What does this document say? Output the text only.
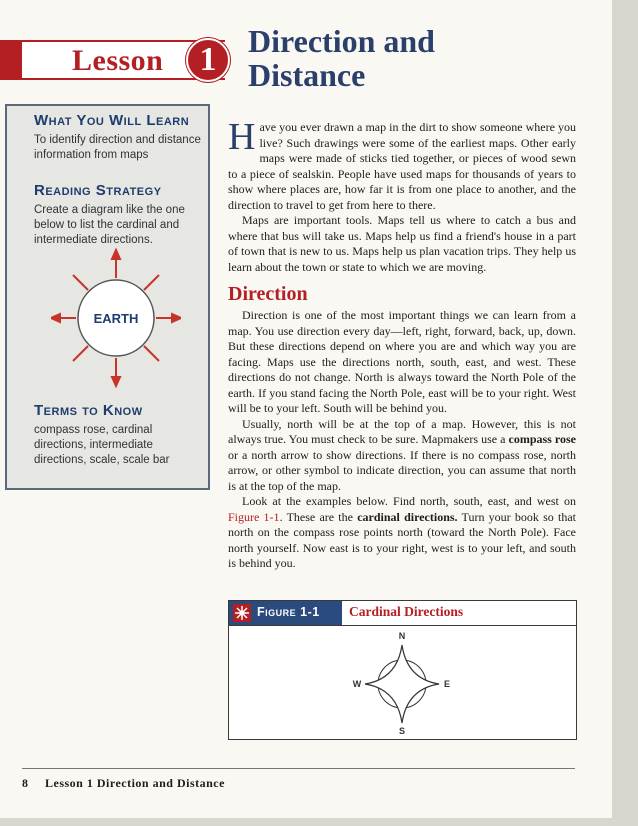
Lesson	1 Direction and
Distance
What You Will Learn

To identify direction and distance information from maps

Reading Strategy

Create a diagram like the one below to list the cardinal and intermediate directions.

EARTH
Terms to Know

compass rose, cardinal directions, intermediate directions, scale, scale bar

Have you ever drawn a map in the dirt to show someone where you live? Such drawings were some of the earliest maps. Other early maps were made of sticks tied together, or pieces of wood sewn to a piece of sealskin. People have used maps for thousands of years to show where places are, how far it is from one place to another, and the direction to travel to get from here to there.

Maps are important tools. Maps tell us where to catch a bus and where that bus will take us. Maps help us find a friend's house in a part of town that is new to us. Maps help us plan vacation trips. They help us learn about the town or state to which we are moving.

Direction

Direction is one of the most important things we can learn from a map. You use direction every day—left, right, forward, back, up, down. But these directions depend on where you are and which way you are facing. Maps use the directions north, south, east, and west. These directions do not change. North is always toward the North Pole of the earth. If you stand facing the North Pole, east will be to your right. West will be to your left. South will be behind you.

Usually, north will be at the top of a map. However, this is not always true. You must check to be sure. Mapmakers use a compass rose or a north arrow to show directions. If there is no compass rose, north arrow, or other symbol to indicate direction, you can assume that north is at the top of the map.

Look at the examples below. Find north, south, east, and west on Figure 1-1. These are the cardinal directions. Turn your book so that north on the compass rose points north (toward the North Pole). Face north yourself. Now east is to your right, west is to your left, and south is behind you.

Figure 1-1 Cardinal Directions
N
S
E
W
8 Lesson 1 Direction and Distance
